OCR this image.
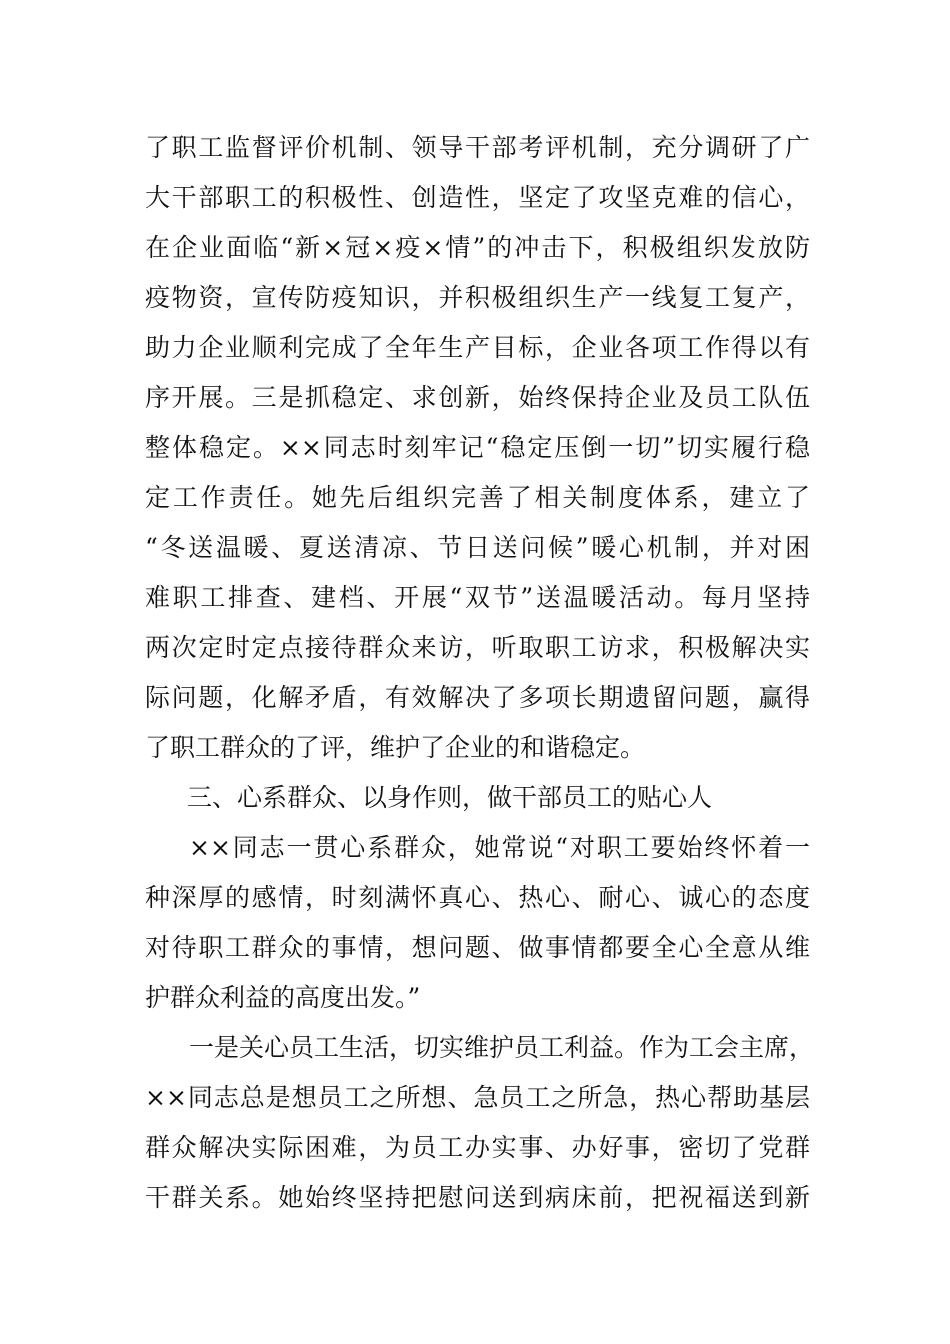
了职工监督评价机制、领导干部考评机制，充分调研了广
大干部职工的积极性、创造性，坚定了攻坚克难的信心，
在企业面临“新×冠×疫×情”的冲击下，积极组织发放防
疫物资，宣传防疫知识，并积极组织生产一线复工复产，
助力企业顺利完成了全年生产目标，企业各项工作得以有
序开展。三是抓稳定、求创新，始终保持企业及员工队伍
整体稳定。××同志时刻牢记“稳定压倒一切”切实履行稳
定工作责任。她先后组织完善了相关制度体系，建立了
“冬送温暖、夏送清凉、节日送问候”暖心机制，并对困
难职工排查、建档、开展“双节”送温暖活动。每月坚持
两次定时定点接待群众来访，听取职工访求，积极解决实
际问题，化解矛盾，有效解决了多项长期遗留问题，赢得
了职工群众的了评，维护了企业的和谐稳定。
三、心系群众、以身作则，做干部员工的贴心人
××同志一贯心系群众，她常说“对职工要始终怀着一
种深厚的感情，时刻满怀真心、热心、耐心、诚心的态度
对待职工群众的事情，想问题、做事情都要全心全意从维
护群众利益的高度出发。”
一是关心员工生活，切实维护员工利益。作为工会主席，
××同志总是想员工之所想、急员工之所急，热心帮助基层
群众解决实际困难，为员工办实事、办好事，密切了党群
干群关系。她始终坚持把慰问送到病床前，把祝福送到新
